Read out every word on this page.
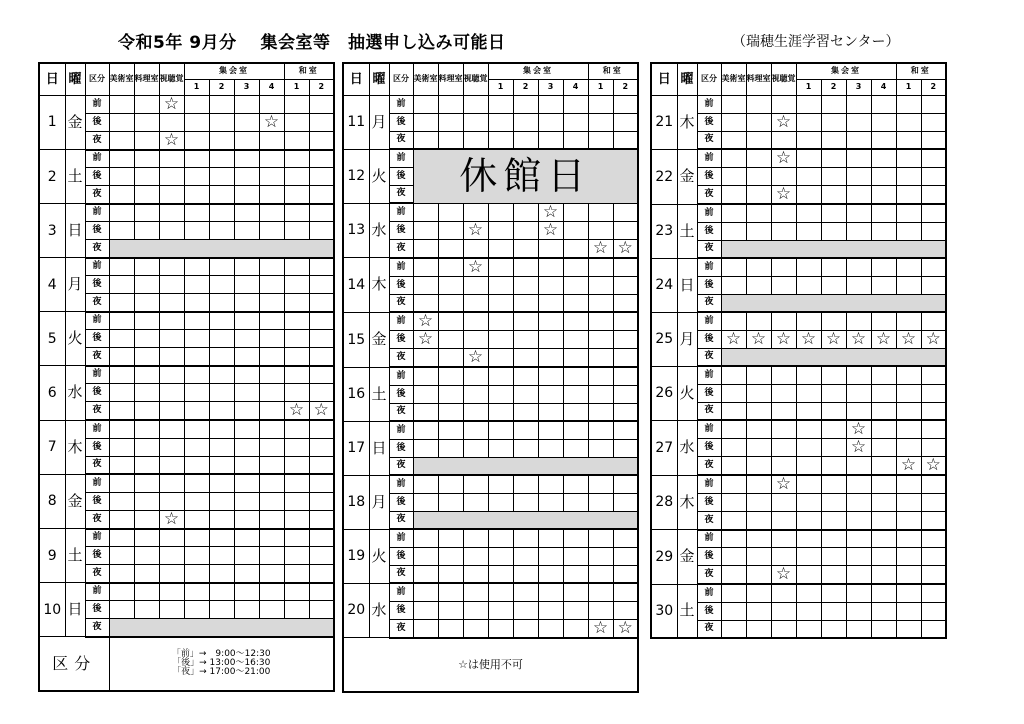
令和5年 9月分　 集会室等　抽選申し込み可能日	（瑞穂生涯学習センター）
日	曜	区分	美術室	料理室	視聴覚	集会室				和室	
						1	2	3	4	1	2
1	金	前			☆						
		後							☆		
		夜			☆						
2	土	前									
		後									
		夜									
3	日	前									
		後									
		夜									
4	月	前									
		後									
		夜									
5	火	前									
		後									
		夜									
6	水	前									
		後									
		夜								☆	☆
7	木	前									
		後									
		夜									
8	金	前									
		後									
		夜			☆						
9	土	前									
		後									
		夜									
10	日	前									
		後									
		夜									
区分			「前」→　9:00～12:30
「後」→ 13:00～16:30
「夜」→ 17:00～21:00								
日	曜	区分	美術室	料理室	視聴覚	集会室				和室	
						1	2	3	4	1	2
11	月	前									
		後									
		夜									
12	火	前	休館日								
		後									
		夜									
13	水	前						☆			
		後			☆			☆			
		夜								☆	☆
14	木	前			☆						
		後									
		夜									
15	金	前	☆								
		後	☆								
		夜			☆						
16	土	前									
		後									
		夜									
17	日	前									
		後									
		夜									
18	月	前									
		後									
		夜									
19	火	前									
		後									
		夜									
20	水	前									
		後									
		夜								☆	☆
☆は使用不可											
日	曜	区分	美術室	料理室	視聴覚	集会室				和室	
						1	2	3	4	1	2
21	木	前									
		後			☆						
		夜									
22	金	前			☆						
		後									
		夜			☆						
23	土	前									
		後									
		夜									
24	日	前									
		後									
		夜									
25	月	前									
		後	☆	☆	☆	☆	☆	☆	☆	☆	☆
		夜									
26	火	前									
		後									
		夜									
27	水	前						☆			
		後						☆			
		夜								☆	☆
28	木	前			☆						
		後									
		夜									
29	金	前									
		後									
		夜			☆						
30	土	前									
		後									
		夜									
